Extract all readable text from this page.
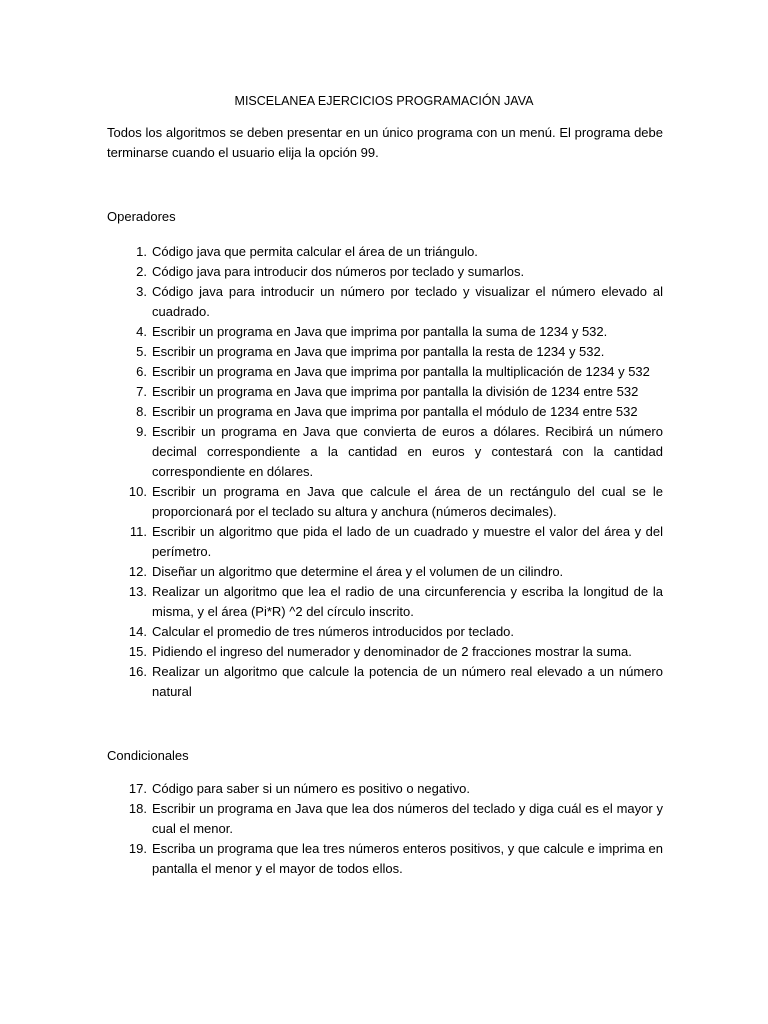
MISCELANEA EJERCICIOS PROGRAMACIÓN JAVA
Todos los algoritmos se deben presentar en un único programa con un menú. El programa debe terminarse cuando el usuario elija la opción 99.
Operadores
1. Código java que permita calcular el área de un triángulo.
2. Código java para introducir dos números por teclado y sumarlos.
3. Código java para introducir un número por teclado y visualizar el número elevado al cuadrado.
4. Escribir un programa en Java que imprima por pantalla la suma de 1234 y 532.
5. Escribir un programa en Java que imprima por pantalla la resta de 1234 y 532.
6. Escribir un programa en Java que imprima por pantalla la multiplicación de 1234 y 532
7. Escribir un programa en Java que imprima por pantalla la división de 1234 entre 532
8. Escribir un programa en Java que imprima por pantalla el módulo de 1234 entre 532
9. Escribir un programa en Java que convierta de euros a dólares. Recibirá un número decimal correspondiente a la cantidad en euros y contestará con la cantidad correspondiente en dólares.
10. Escribir un programa en Java que calcule el área de un rectángulo del cual se le proporcionará por el teclado su altura y anchura (números decimales).
11. Escribir un algoritmo que pida el lado de un cuadrado y muestre el valor del área y del perímetro.
12. Diseñar un algoritmo que determine el área y el volumen de un cilindro.
13. Realizar un algoritmo que lea el radio de una circunferencia y escriba la longitud de la misma, y el área (Pi*R) ^2 del círculo inscrito.
14. Calcular el promedio de tres números introducidos por teclado.
15. Pidiendo el ingreso del numerador y denominador de 2 fracciones mostrar la suma.
16. Realizar un algoritmo que calcule la potencia de un número real elevado a un número natural
Condicionales
17. Código para saber si un número es positivo o negativo.
18. Escribir un programa en Java que lea dos números del teclado y diga cuál es el mayor y cual el menor.
19. Escriba un programa que lea tres números enteros positivos, y que calcule e imprima en pantalla el menor y el mayor de todos ellos.
